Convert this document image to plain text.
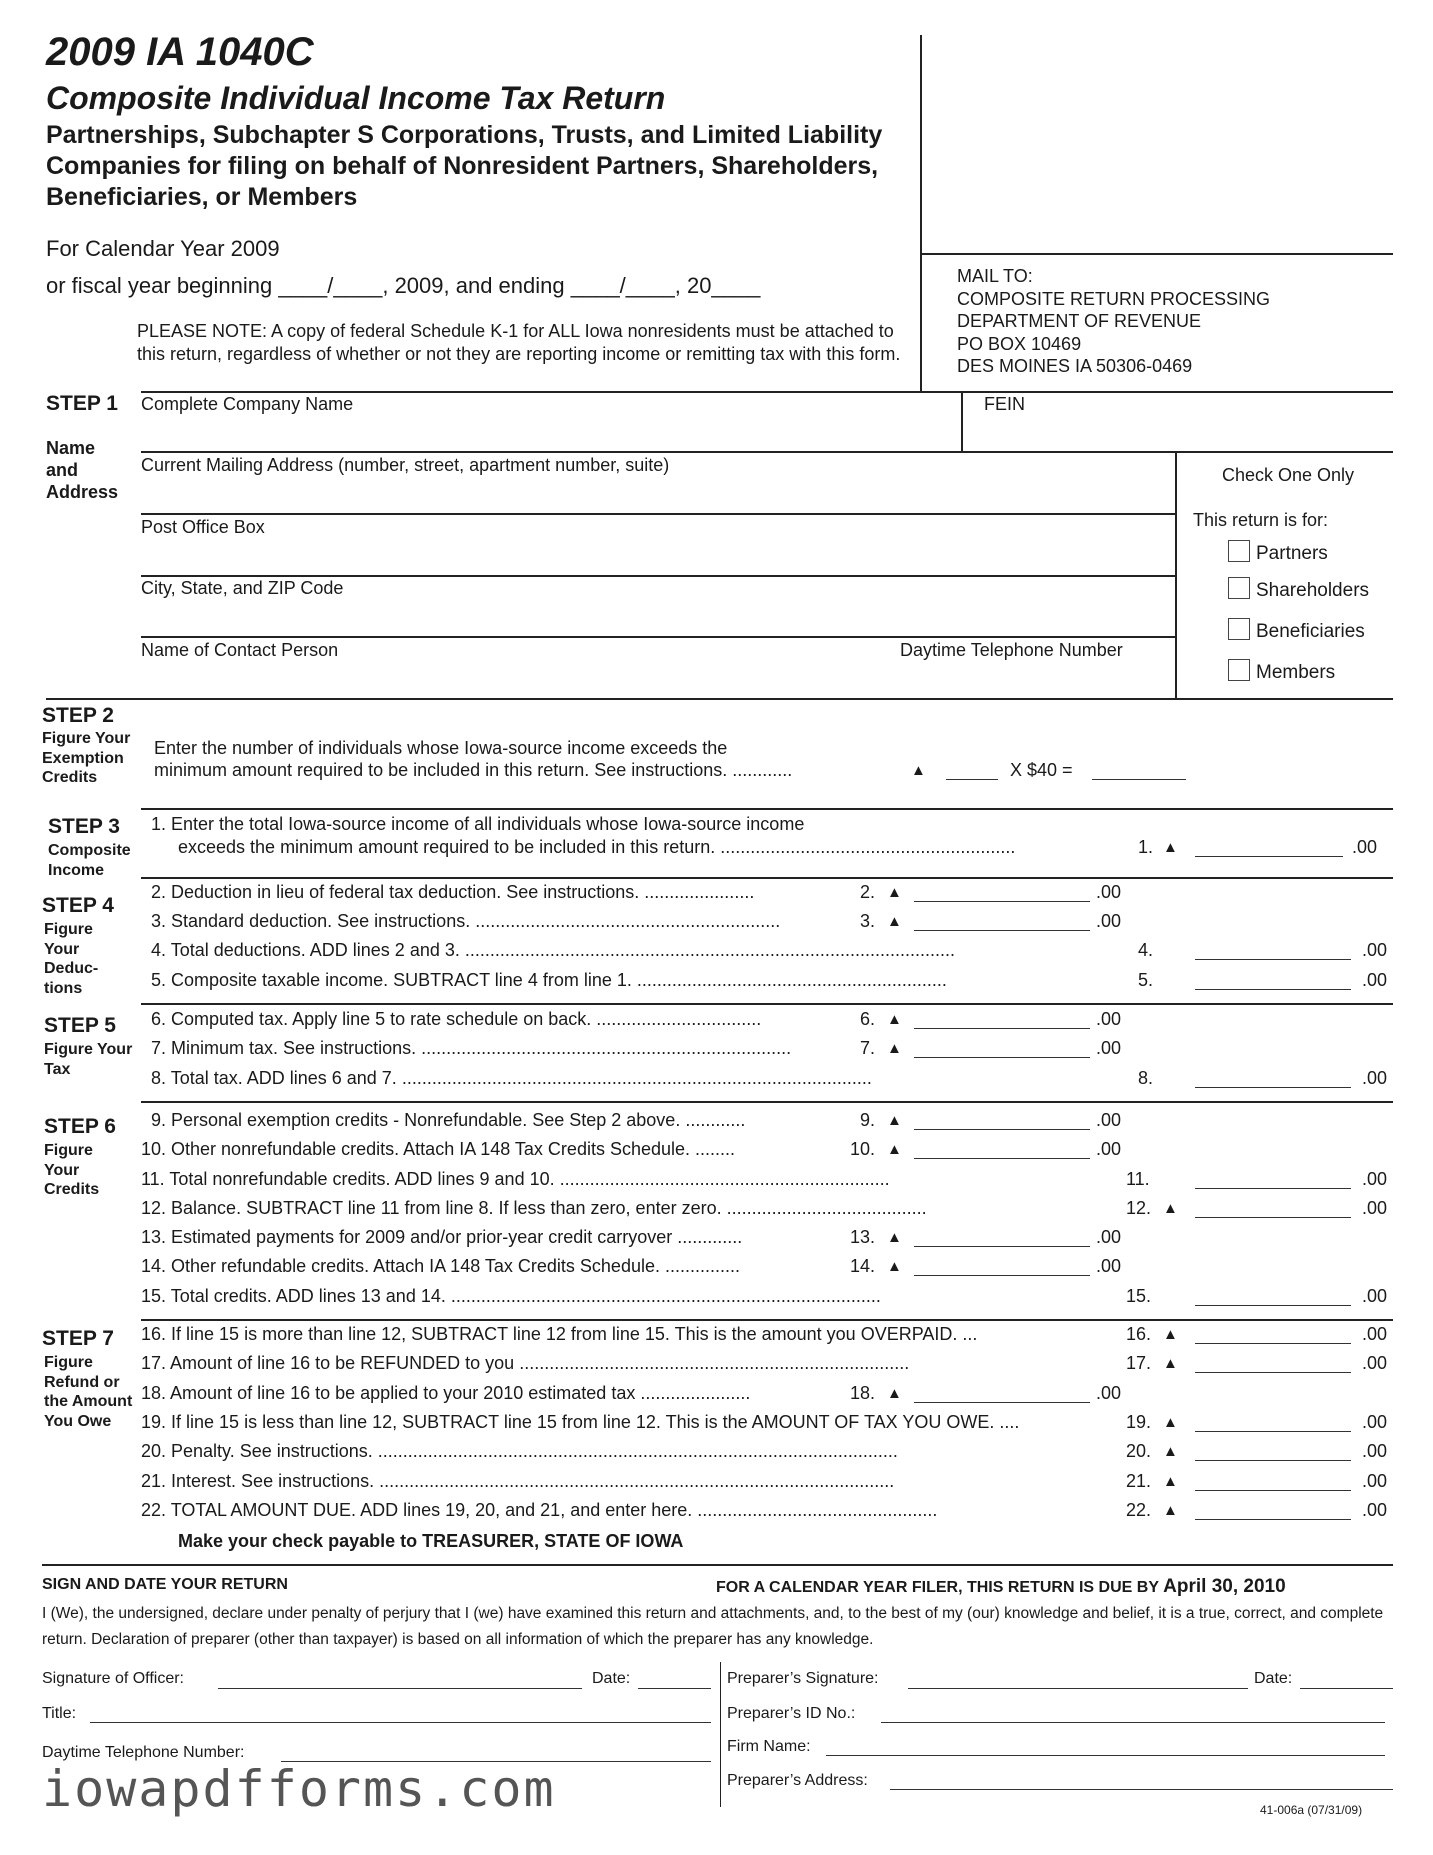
2009 IA 1040C
Composite Individual Income Tax Return
Partnerships, Subchapter S Corporations, Trusts, and Limited Liability Companies for filing on behalf of Nonresident Partners, Shareholders, Beneficiaries, or Members
For Calendar Year 2009
or fiscal year beginning ____/____, 2009, and ending ____/____, 20____
PLEASE NOTE: A copy of federal Schedule K-1 for ALL Iowa nonresidents must be attached to this return, regardless of whether or not they are reporting income or remitting tax with this form.
MAIL TO:
COMPOSITE RETURN PROCESSING
DEPARTMENT OF REVENUE
PO BOX 10469
DES MOINES IA 50306-0469
STEP 1
Name and Address
Complete Company Name	FEIN
Current Mailing Address (number, street, apartment number, suite)
Post Office Box
City, State, and ZIP Code
Name of Contact Person	Daytime Telephone Number
Check One Only
This return is for:
Partners
Shareholders
Beneficiaries
Members
STEP 2
Figure Your Exemption Credits
Enter the number of individuals whose Iowa-source income exceeds the
minimum amount required to be included in this return. See instructions. ............	▲	X $40 =
STEP 3
Composite Income
1. Enter the total Iowa-source income of all individuals whose Iowa-source income
exceeds the minimum amount required to be included in this return. ...........................................................	1. ▲	.00
STEP 4
Figure Your Deduc- tions
STEP 5
Figure Your Tax
STEP 6
Figure Your Credits
STEP 7
Figure Refund or the Amount You Owe
2. Deduction in lieu of federal tax deduction. See instructions. ......................	2. ▲	.00
3. Standard deduction. See instructions. .............................................................	3. ▲	.00
4. Total deductions. ADD lines 2 and 3. ..................................................................................................	4.	.00
5. Composite taxable income. SUBTRACT line 4 from line 1. ..............................................................	5.	.00
6. Computed tax. Apply line 5 to rate schedule on back. .................................	6. ▲	.00
7. Minimum tax. See instructions. ..........................................................................	7. ▲	.00
8. Total tax. ADD lines 6 and 7. ..............................................................................................	8.	.00
9. Personal exemption credits - Nonrefundable. See Step 2 above. ............	9. ▲	.00
10. Other nonrefundable credits. Attach IA 148 Tax Credits Schedule. ........	10. ▲	.00
11. Total nonrefundable credits. ADD lines 9 and 10. ..................................................................	11.	.00
12. Balance. SUBTRACT line 11 from line 8. If less than zero, enter zero. ........................................	12. ▲	.00
13. Estimated payments for 2009 and/or prior-year credit carryover .............	13. ▲	.00
14. Other refundable credits. Attach IA 148 Tax Credits Schedule. ...............	14. ▲	.00
15. Total credits. ADD lines 13 and 14. ......................................................................................	15.	.00
16. If line 15 is more than line 12, SUBTRACT line 12 from line 15. This is the amount you OVERPAID. ...	16. ▲	.00
17. Amount of line 16 to be REFUNDED to you ..............................................................................	17. ▲	.00
18. Amount of line 16 to be applied to your 2010 estimated tax ......................	18. ▲	.00
19. If line 15 is less than line 12, SUBTRACT line 15 from line 12. This is the AMOUNT OF TAX YOU OWE. ....	19. ▲	.00
20. Penalty. See instructions. ........................................................................................................	20. ▲	.00
21. Interest. See instructions. .......................................................................................................	21. ▲	.00
22. TOTAL AMOUNT DUE. ADD lines 19, 20, and 21, and enter here. ................................................	22. ▲	.00
Make your check payable to TREASURER, STATE OF IOWA
SIGN AND DATE YOUR RETURN	FOR A CALENDAR YEAR FILER, THIS RETURN IS DUE BY April 30, 2010
I (We), the undersigned, declare under penalty of perjury that I (we) have examined this return and attachments, and, to the best of my (our) knowledge and belief, it is a true, correct, and complete return. Declaration of preparer (other than taxpayer) is based on all information of which the preparer has any knowledge.
Signature of Officer:	Date:
Title:
Daytime Telephone Number:
Preparer’s Signature:	Date:
Preparer’s ID No.:
Firm Name:
Preparer’s Address:
iowapdfforms.com	41-006a (07/31/09)
